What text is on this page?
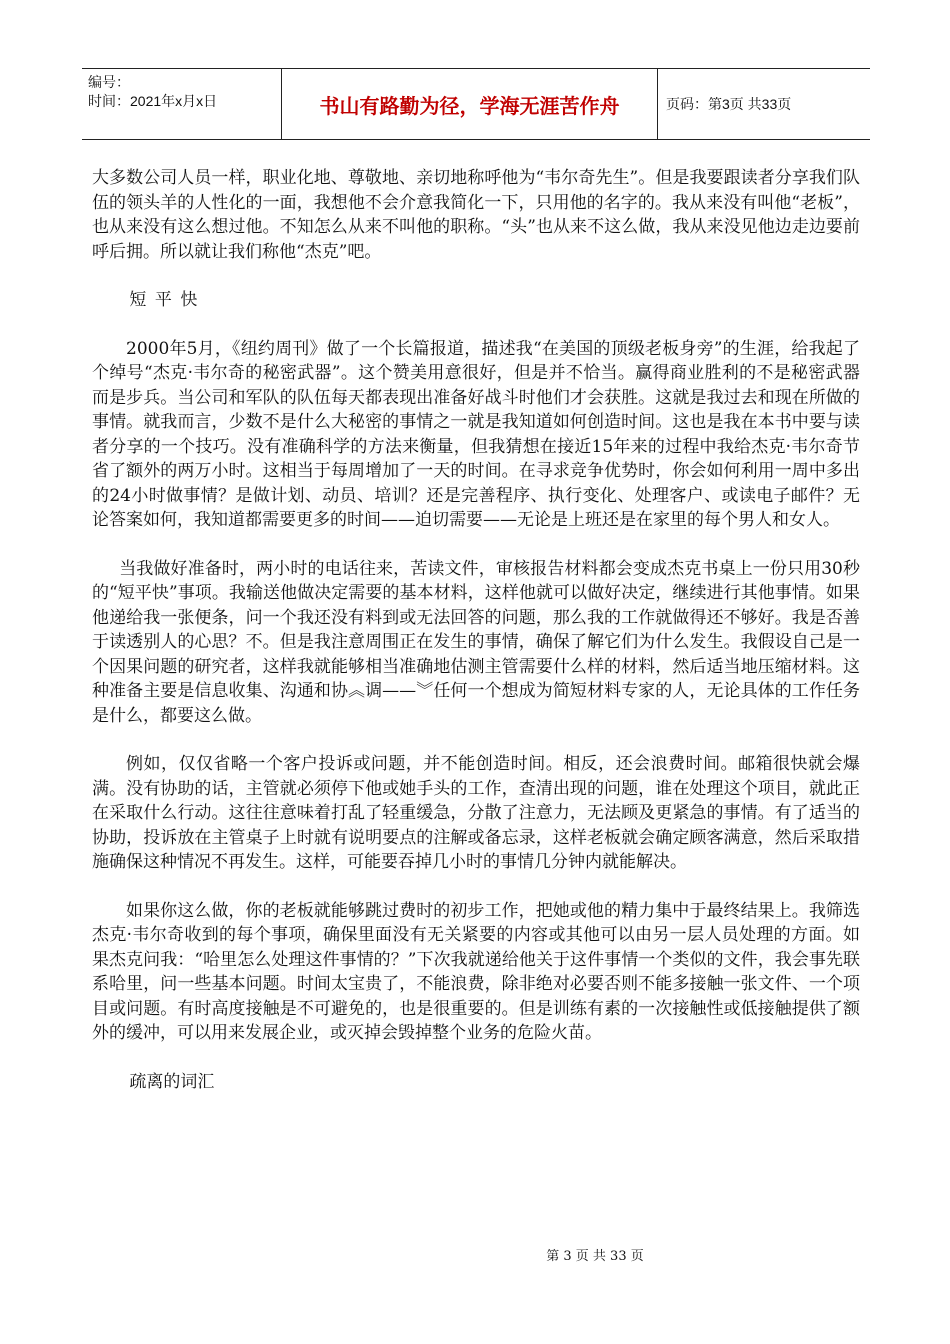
编号：
时间：2021年x月x日	书山有路勤为径，学海无涯苦作舟	页码：第3页 共33页

大多数公司人员一样，职业化地、尊敬地、亲切地称呼他为“韦尔奇先生”。但是我要跟读者分享我们队伍的领头羊的人性化的一面，我想他不会介意我简化一下，只用他的名字的。我从来没有叫他“老板”，也从来没有这么想过他。不知怎么从来不叫他的职称。“头”也从来不这么做，我从来没见他边走边要前呼后拥。所以就让我们称他“杰克”吧。

短平快

2000年5月，《纽约周刊》做了一个长篇报道，描述我“在美国的顶级老板身旁”的生涯，给我起了个绰号“杰克·韦尔奇的秘密武器”。这个赞美用意很好，但是并不恰当。赢得商业胜利的不是秘密武器而是步兵。当公司和军队的队伍每天都表现出准备好战斗时他们才会获胜。这就是我过去和现在所做的事情。就我而言，少数不是什么大秘密的事情之一就是我知道如何创造时间。这也是我在本书中要与读者分享的一个技巧。没有准确科学的方法来衡量，但我猜想在接近15年来的过程中我给杰克·韦尔奇节省了额外的两万小时。这相当于每周增加了一天的时间。在寻求竞争优势时，你会如何利用一周中多出的24小时做事情？是做计划、动员、培训？还是完善程序、执行变化、处理客户、或读电子邮件？无论答案如何，我知道都需要更多的时间——迫切需要——无论是上班还是在家里的每个男人和女人。

当我做好准备时，两小时的电话往来，苦读文件，审核报告材料都会变成杰克书桌上一份只用30秒的“短平快”事项。我输送他做决定需要的基本材料，这样他就可以做好决定，继续进行其他事情。如果他递给我一张便条，问一个我还没有料到或无法回答的问题，那么我的工作就做得还不够好。我是否善于读透别人的心思？不。但是我注意周围正在发生的事情，确保了解它们为什么发生。我假设自己是一个因果问题的研究者，这样我就能够相当准确地估测主管需要什么样的材料，然后适当地压缩材料。这种准备主要是信息收集、沟通和协︽调——︾任何一个想成为简短材料专家的人，无论具体的工作任务是什么，都要这么做。

例如，仅仅省略一个客户投诉或问题，并不能创造时间。相反，还会浪费时间。邮箱很快就会爆满。没有协助的话，主管就必须停下他或她手头的工作，查清出现的问题，谁在处理这个项目，就此正在采取什么行动。这往往意味着打乱了轻重缓急，分散了注意力，无法顾及更紧急的事情。有了适当的协助，投诉放在主管桌子上时就有说明要点的注解或备忘录，这样老板就会确定顾客满意，然后采取措施确保这种情况不再发生。这样，可能要吞掉几小时的事情几分钟内就能解决。

如果你这么做，你的老板就能够跳过费时的初步工作，把她或他的精力集中于最终结果上。我筛选杰克·韦尔奇收到的每个事项，确保里面没有无关紧要的内容或其他可以由另一层人员处理的方面。如果杰克问我：“哈里怎么处理这件事情的？”下次我就递给他关于这件事情一个类似的文件，我会事先联系哈里，问一些基本问题。时间太宝贵了，不能浪费，除非绝对必要否则不能多接触一张文件、一个项目或问题。有时高度接触是不可避免的，也是很重要的。但是训练有素的一次接触性或低接触提供了额外的缓冲，可以用来发展企业，或灭掉会毁掉整个业务的危险火苗。

疏离的词汇

第 3 页 共 33 页
